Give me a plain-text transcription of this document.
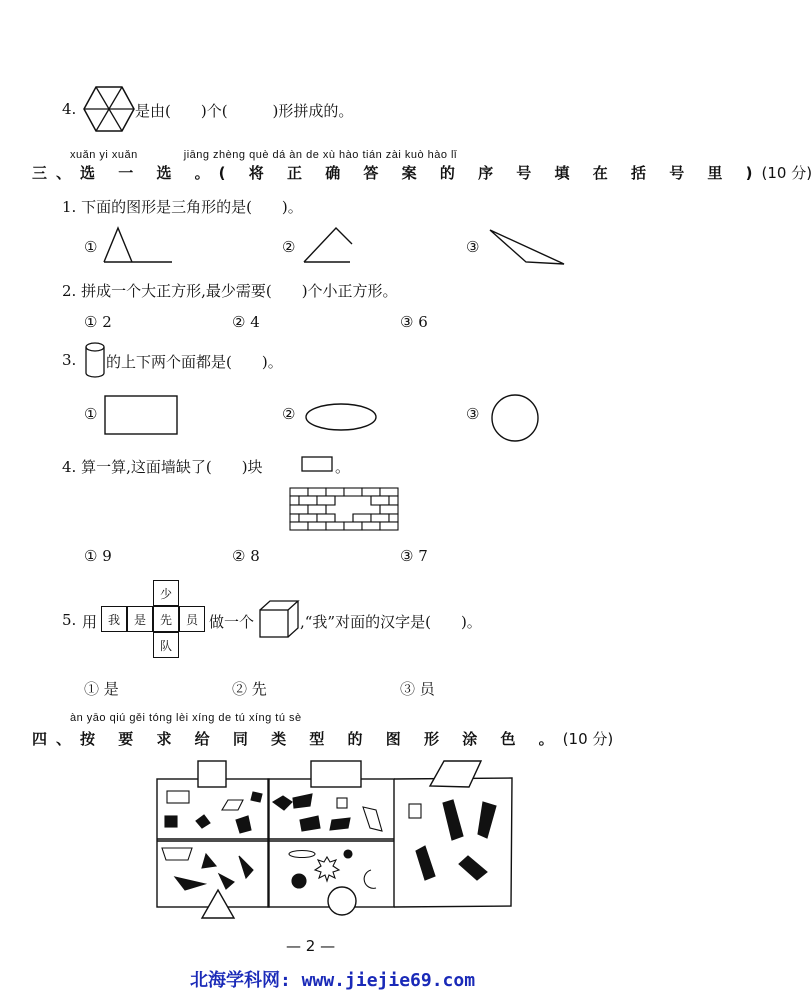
4.	是由(　　)个(　　　)形拼成的。
xuǎn yi xuǎn　　　　jiāng zhèng què dá àn de xù hào tián zài kuò hào lǐ
三、选 一 选 。( 将 正 确 答 案 的 序 号 填 在 括 号 里 )(10 分)
1. 下面的图形是三角形的是(　　)。
①	②	③
2. 拼成一个大正方形,最少需要(　　)个小正方形。
① 2	② 4	③ 6
3. 的上下两个面都是(　　)。
①	②	③
4. 算一算,这面墙缺了(　　)块	。
① 9	② 8	③ 7
5. 用
少
我	是	先	员
队
做一个	,“我”对面的汉字是(　　)。
① 是	② 先	③ 员
àn yāo qiú gěi tóng lèi xíng de tú xíng tú sè
四、按 要 求 给 同 类 型 的 图 形 涂 色 。(10 分)
— 2 —
北海学科网: www.jiejie69.com
